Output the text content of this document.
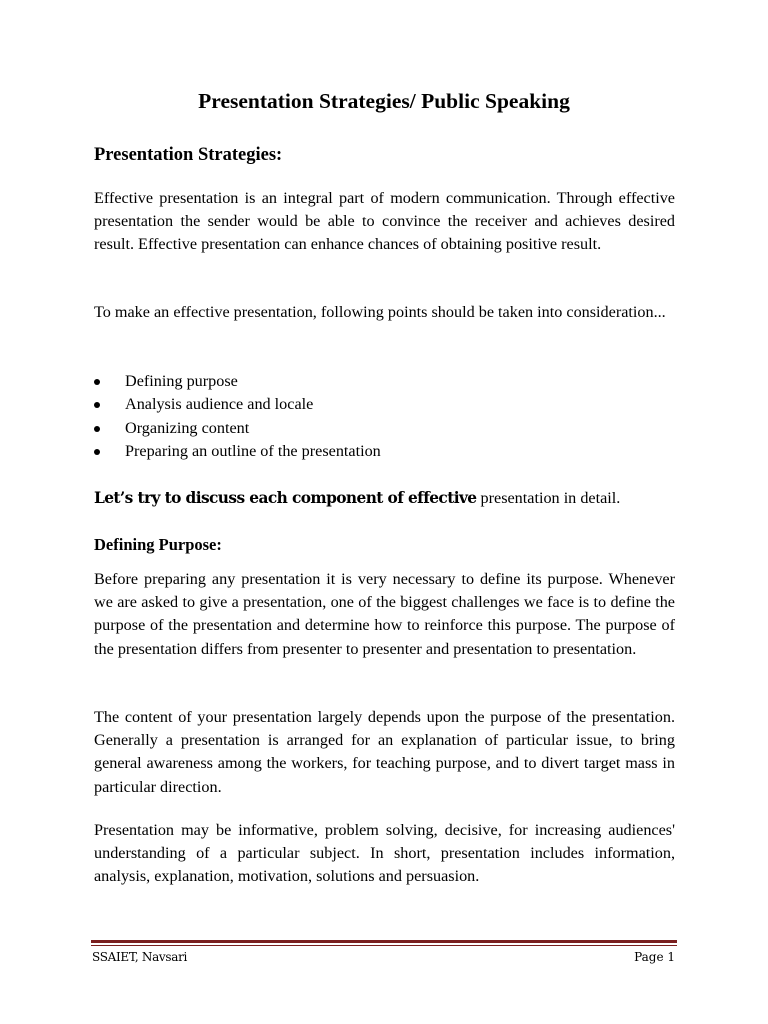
Presentation Strategies/ Public Speaking
Presentation Strategies:

Effective presentation is an integral part of modern communication. Through effective presentation the sender would be able to convince the receiver and achieves desired result. Effective presentation can enhance chances of obtaining positive result.

To make an effective presentation, following points should be taken into consideration...

Defining purpose
Analysis audience and locale
Organizing content
Preparing an outline of the presentation

Let’s try to discuss each component of effective presentation in detail.

Defining Purpose:

Before preparing any presentation it is very necessary to define its purpose. Whenever we are asked to give a presentation, one of the biggest challenges we face is to define the purpose of the presentation and determine how to reinforce this purpose. The purpose of the presentation differs from presenter to presenter and presentation to presentation.

The content of your presentation largely depends upon the purpose of the presentation. Generally a presentation is arranged for an explanation of particular issue, to bring general awareness among the workers, for teaching purpose, and to divert target mass in particular direction.

Presentation may be informative, problem solving, decisive, for increasing audiences' understanding of a particular subject. In short, presentation includes information, analysis, explanation, motivation, solutions and persuasion.

SSAIET, Navsari	Page 1
